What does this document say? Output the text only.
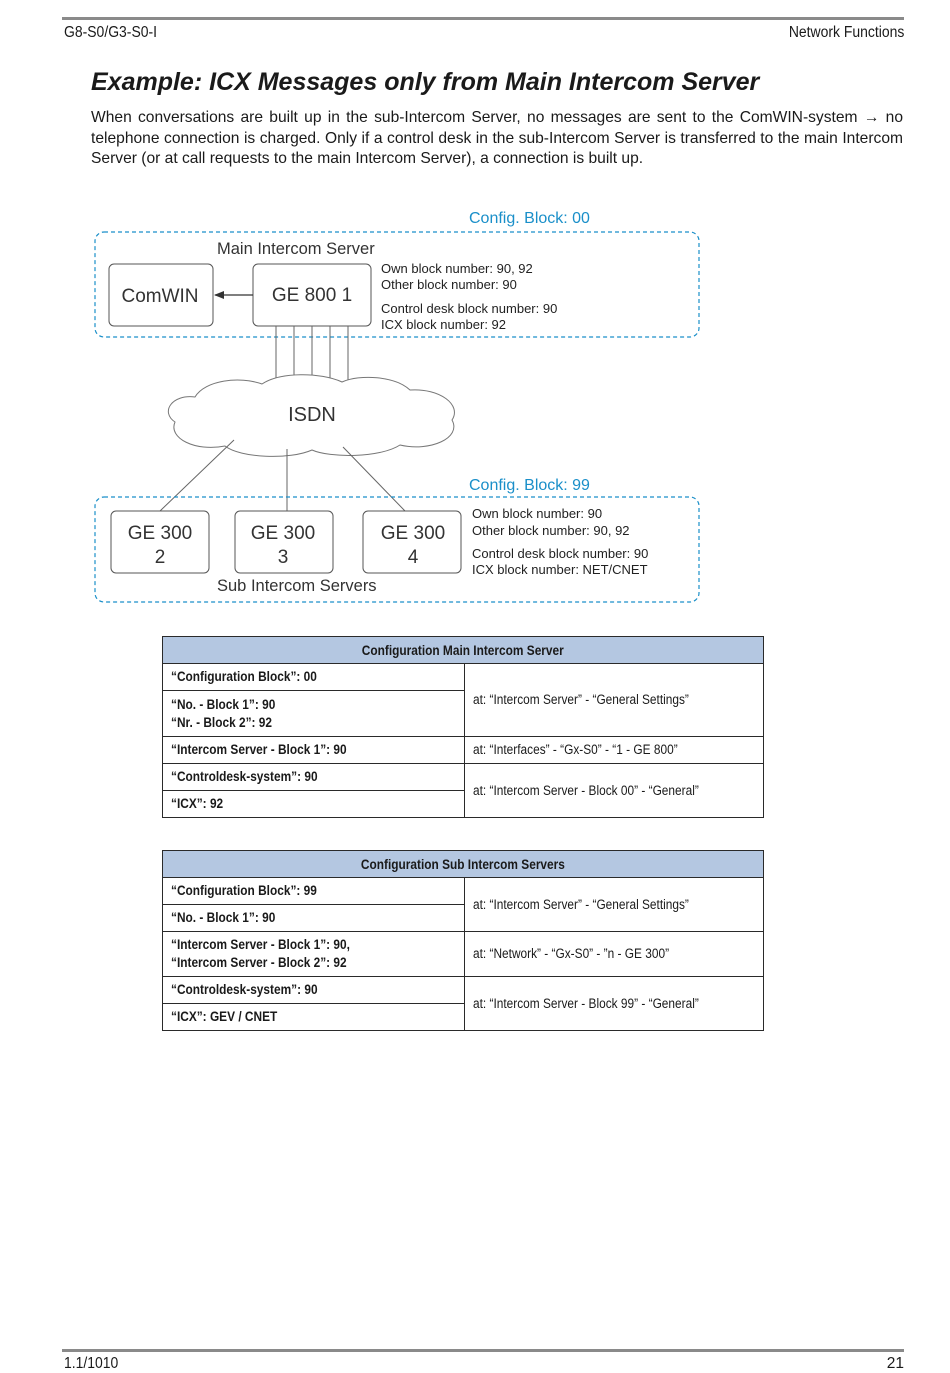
G8-S0/G3-S0-I	Network Functions
Example: ICX Messages only from Main Intercom Server

When conversations are built up in the sub-Intercom Server, no messages are sent to the ComWIN-system → no telephone connection is charged. Only if a control desk in the sub-Intercom Server is transferred to the main Intercom Server (or at call requests to the main Intercom Server), a connection is built up.

Config. Block: 00
Main Intercom Server
ComWIN	GE 800 1
Own block number: 90, 92
Other block number: 90
Control desk block number: 90
ICX block number: 92
ISDN
Config. Block: 99
GE 300
2
GE 300
3
GE 300
4
Own block number: 90
Other block number: 90, 92
Control desk block number: 90
ICX block number: NET/CNET
Sub Intercom Servers
Configuration Main Intercom Server	
“Configuration Block”: 00	at: “Intercom Server” - “General Settings”
“No. - Block 1”: 90
“Nr. - Block 2”: 92	
“Intercom Server - Block 1”: 90	at: “Interfaces” - “Gx-S0” - “1 - GE 800”
“Controldesk-system”: 90	at: “Intercom Server - Block 00” - “General”
“ICX”: 92	
Configuration Sub Intercom Servers	
“Configuration Block”: 99	at: “Intercom Server” - “General Settings”
“No. - Block 1”: 90	
“Intercom Server - Block 1”: 90,
“Intercom Server - Block 2”: 92	at: “Network” - “Gx-S0” - ”n - GE 300”
“Controldesk-system”: 90	at: “Intercom Server - Block 99” - “General”
“ICX”: GEV / CNET	
1.1/1010	21
